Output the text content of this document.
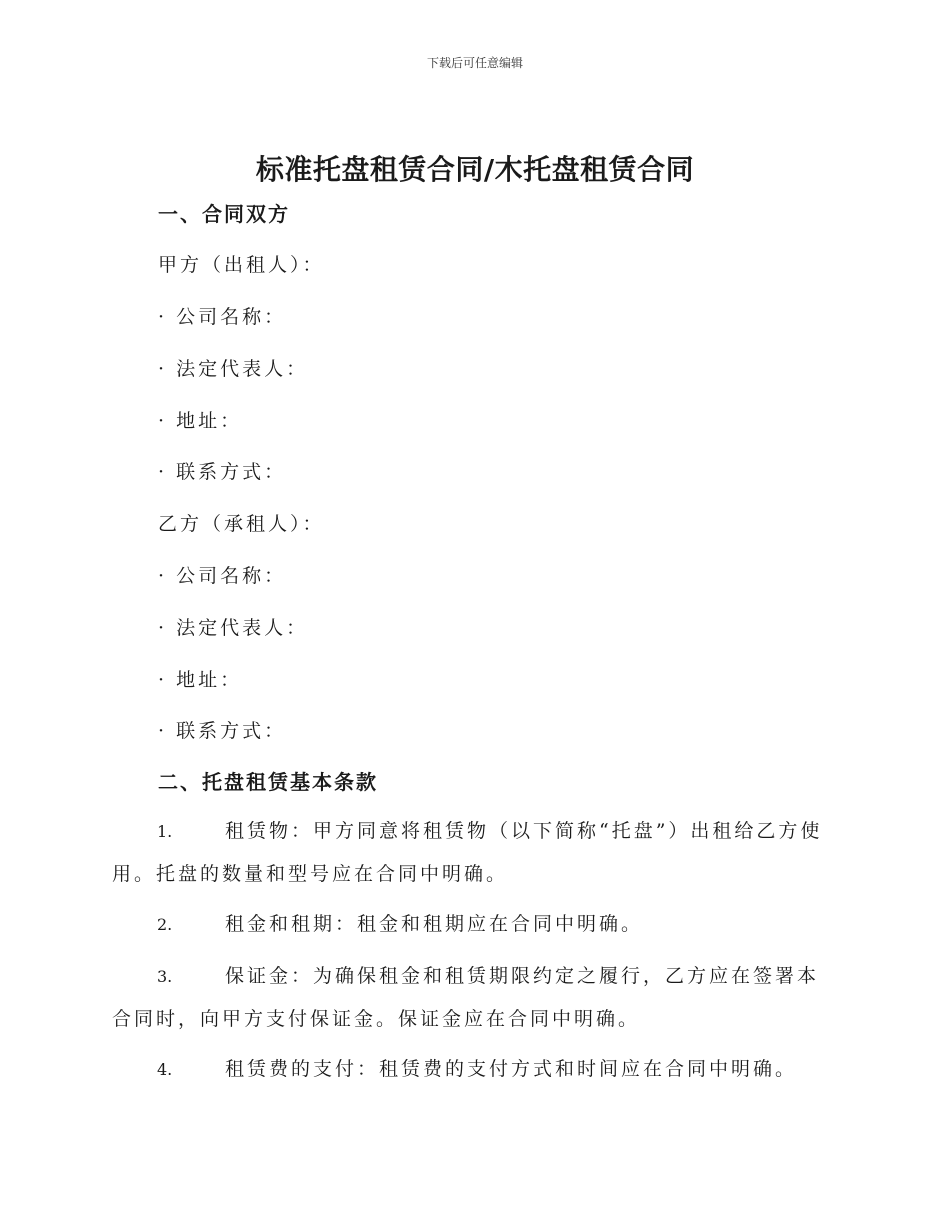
下载后可任意编辑
标准托盘租赁合同/木托盘租赁合同
一、合同双方
甲方（出租人）：
· 公司名称：
· 法定代表人：
· 地址：
· 联系方式：
乙方（承租人）：
· 公司名称：
· 法定代表人：
· 地址：
· 联系方式：
二、托盘租赁基本条款
1.	租赁物：甲方同意将租赁物（以下简称“托盘”）出租给乙方使用。托盘的数量和型号应在合同中明确。
2.	租金和租期：租金和租期应在合同中明确。
3.	保证金：为确保租金和租赁期限约定之履行，乙方应在签署本合同时，向甲方支付保证金。保证金应在合同中明确。
4.	租赁费的支付：租赁费的支付方式和时间应在合同中明确。
